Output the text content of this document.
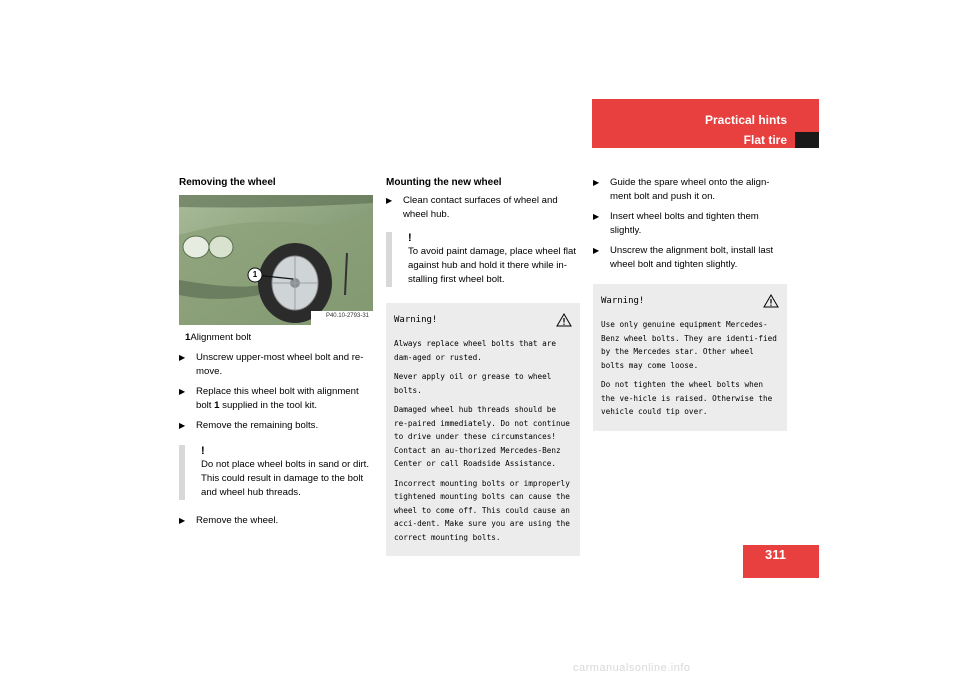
Practical hints
Flat tire
Removing the wheel
1
P40.10-2793-31
1Alignment bolt
▶ Unscrew upper-most wheel bolt and re-move.
▶ Replace this wheel bolt with alignment bolt 1 supplied in the tool kit.
▶ Remove the remaining bolts.
!
Do not place wheel bolts in sand or dirt. This could result in damage to the bolt and wheel hub threads.
▶ Remove the wheel.
Mounting the new wheel
▶ Clean contact surfaces of wheel and wheel hub.
!
To avoid paint damage, place wheel flat against hub and hold it there while in-stalling first wheel bolt.
Warning!

Always replace wheel bolts that are dam-aged or rusted.

Never apply oil or grease to wheel bolts.

Damaged wheel hub threads should be re-paired immediately. Do not continue to drive under these circumstances! Contact an au-thorized Mercedes-Benz Center or call Roadside Assistance.

Incorrect mounting bolts or improperly tightened mounting bolts can cause the wheel to come off. This could cause an acci-dent. Make sure you are using the correct mounting bolts.

▶ Guide the spare wheel onto the align-ment bolt and push it on.
▶ Insert wheel bolts and tighten them slightly.
▶ Unscrew the alignment bolt, install last wheel bolt and tighten slightly.
Warning!

Use only genuine equipment Mercedes-Benz wheel bolts. They are identi-fied by the Mercedes star. Other wheel bolts may come loose.

Do not tighten the wheel bolts when the ve-hicle is raised. Otherwise the vehicle could tip over.

311
carmanualsonline.info
